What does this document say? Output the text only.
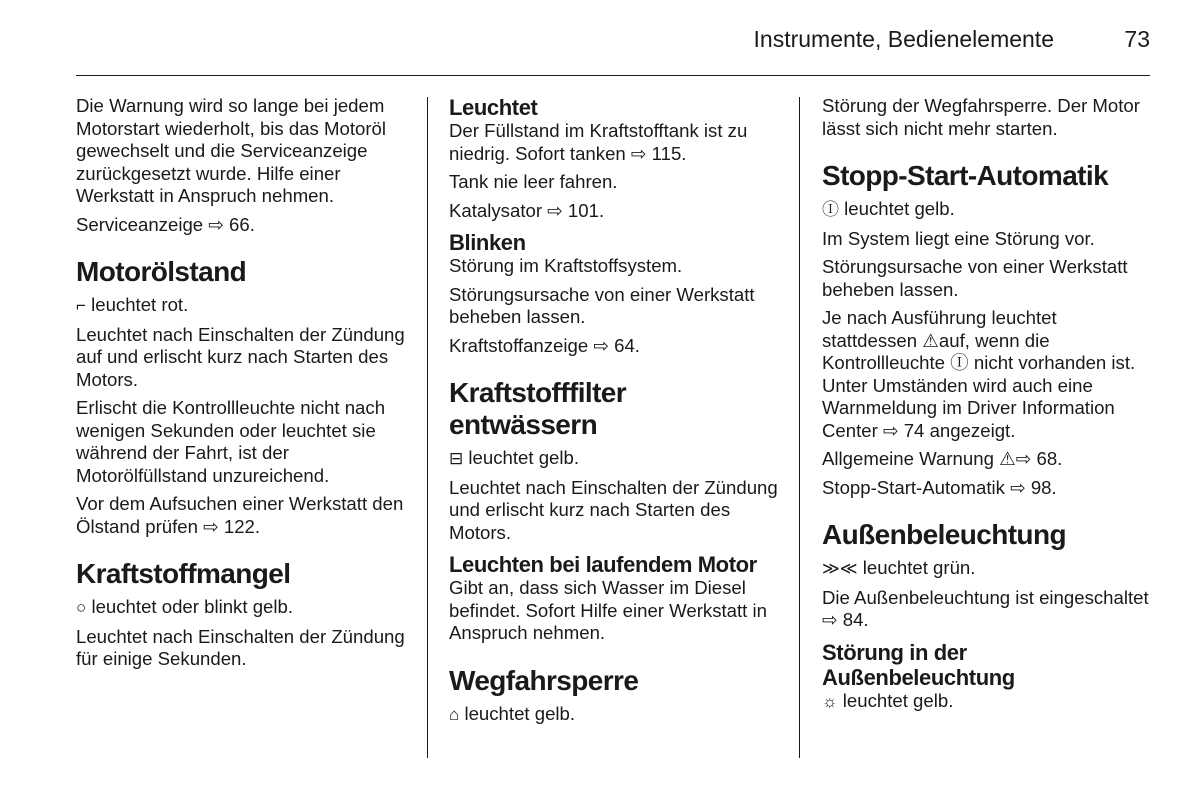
Instrumente, Bedienelemente	73

Die Warnung wird so lange bei jedem Motorstart wiederholt, bis das Motoröl gewechselt und die Serviceanzeige zurückgesetzt wurde. Hilfe einer Werkstatt in Anspruch nehmen.

Serviceanzeige ⇨ 66.

Motorölstand

⌐ leuchtet rot.

Leuchtet nach Einschalten der Zündung auf und erlischt kurz nach Starten des Motors.

Erlischt die Kontrollleuchte nicht nach wenigen Sekunden oder leuchtet sie während der Fahrt, ist der Motorölfüllstand unzureichend.

Vor dem Aufsuchen einer Werkstatt den Ölstand prüfen ⇨ 122.

Kraftstoffmangel

○ leuchtet oder blinkt gelb.

Leuchtet nach Einschalten der Zündung für einige Sekunden.

Leuchtet

Der Füllstand im Kraftstofftank ist zu niedrig. Sofort tanken ⇨ 115.

Tank nie leer fahren.

Katalysator ⇨ 101.

Blinken

Störung im Kraftstoffsystem.

Störungsursache von einer Werkstatt beheben lassen.

Kraftstoffanzeige ⇨ 64.

Kraftstofffilter entwässern

⊟ leuchtet gelb.

Leuchtet nach Einschalten der Zündung und erlischt kurz nach Starten des Motors.

Leuchten bei laufendem Motor

Gibt an, dass sich Wasser im Diesel befindet. Sofort Hilfe einer Werkstatt in Anspruch nehmen.

Wegfahrsperre

⌂ leuchtet gelb.

Störung der Wegfahrsperre. Der Motor lässt sich nicht mehr starten.

Stopp-Start-Automatik

Ⓘ leuchtet gelb.

Im System liegt eine Störung vor.

Störungsursache von einer Werkstatt beheben lassen.

Je nach Ausführung leuchtet stattdessen ⚠auf, wenn die Kontrollleuchte Ⓘ nicht vorhanden ist. Unter Umständen wird auch eine Warnmeldung im Driver Information Center ⇨ 74 angezeigt.

Allgemeine Warnung ⚠⇨ 68.

Stopp-Start-Automatik ⇨ 98.

Außenbeleuchtung

≫≪ leuchtet grün.

Die Außenbeleuchtung ist eingeschaltet ⇨ 84.

Störung in der Außenbeleuchtung

☼ leuchtet gelb.
